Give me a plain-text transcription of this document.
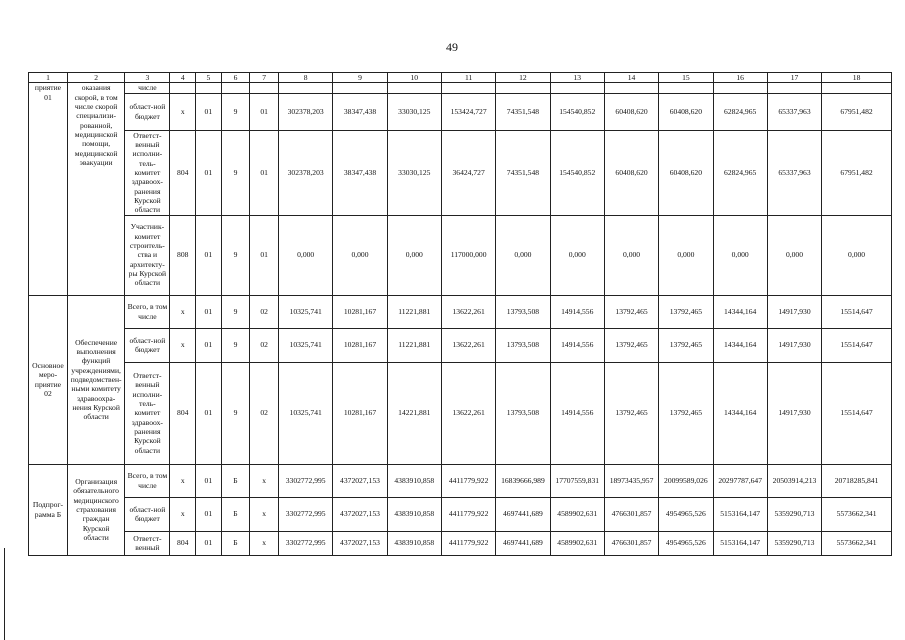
49
1	2	3	4	5	6	7	8	9	10	11	12	13	14	15	16	17	18
приятие 01	оказания скорой, в том числе скорой специализи-рованной, медицинской помощи, медицинской эвакуации	числе															
		област-ной бюджет	х	01	9	01	302378,203	38347,438	33030,125	153424,727	74351,548	154540,852	60408,620	60408,620	62824,965	65337,963	67951,482
		Ответст-венный исполни-тель-комитет здравоох-ранения Курской области	804	01	9	01	302378,203	38347,438	33030,125	36424,727	74351,548	154540,852	60408,620	60408,620	62824,965	65337,963	67951,482
		Участник-комитет строитель-ства и архитекту-ры Курской области	808	01	9	01	0,000	0,000	0,000	117000,000	0,000	0,000	0,000	0,000	0,000	0,000	0,000
Основное меро-приятие 02	Обеспечение выполнения функций учреждениями, подведомствен-ными комитету здравоохра-нения Курской области	Всего, в том числе	х	01	9	02	10325,741	10281,167	11221,881	13622,261	13793,508	14914,556	13792,465	13792,465	14344,164	14917,930	15514,647
		област-ной бюджет	х	01	9	02	10325,741	10281,167	11221,881	13622,261	13793,508	14914,556	13792,465	13792,465	14344,164	14917,930	15514,647
		Ответст-венный исполни-тель-комитет здравоох-ранения Курской области	804	01	9	02	10325,741	10281,167	14221,881	13622,261	13793,508	14914,556	13792,465	13792,465	14344,164	14917,930	15514,647
Подпрог-рамма Б	Организация обязательного медицинского страхования граждан Курской области	Всего, в том числе	х	01	Б	х	3302772,995	4372027,153	4383910,858	4411779,922	16839666,989	17707559,831	18973435,957	20099589,026	20297787,647	20503914,213	20718285,841
		област-ной бюджет	х	01	Б	х	3302772,995	4372027,153	4383910,858	4411779,922	4697441,689	4589902,631	4766301,857	4954965,526	5153164,147	5359290,713	5573662,341
		Ответст-венный	804	01	Б	х	3302772,995	4372027,153	4383910,858	4411779,922	4697441,689	4589902,631	4766301,857	4954965,526	5153164,147	5359290,713	5573662,341
